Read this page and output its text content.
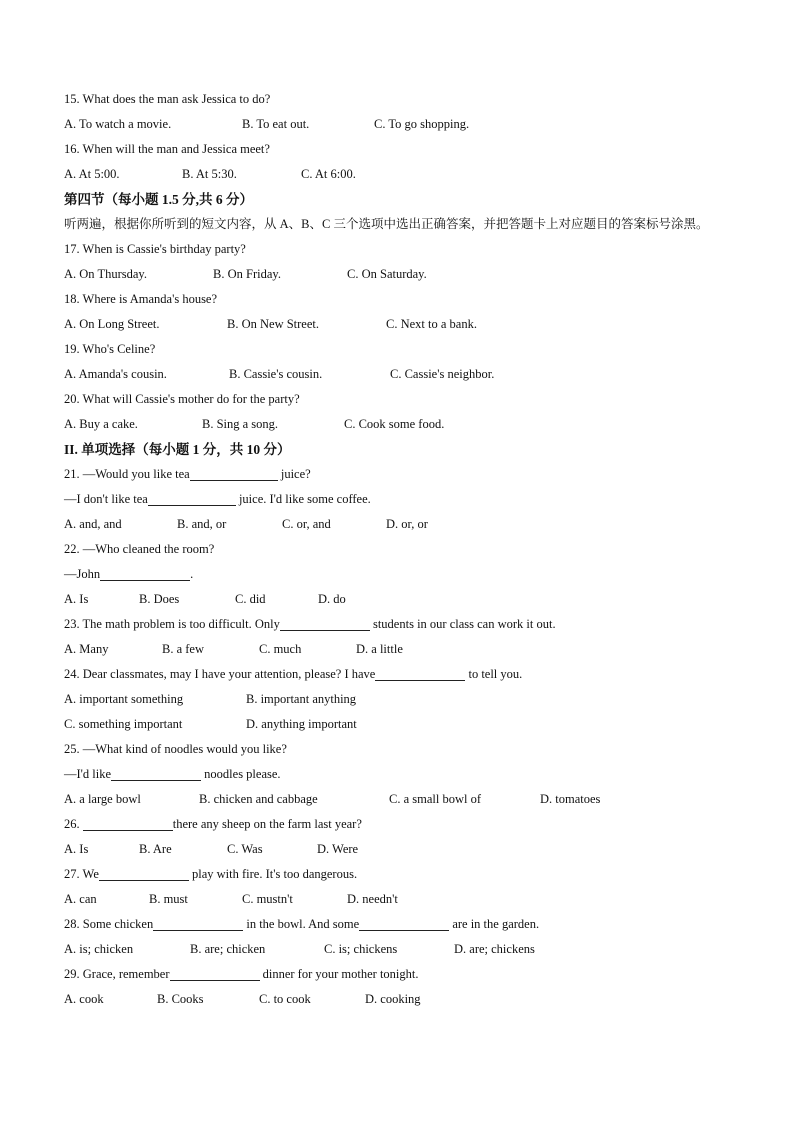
15. What does the man ask Jessica to do?
A. To watch a movie.	B. To eat out.	C. To go shopping.
16. When will the man and Jessica meet?
A. At 5:00.	B. At 5:30.	C. At 6:00.
第四节（每小题 1.5 分,共 6 分）
听两遍，根据你所听到的短文内容，从 A、B、C 三个选项中选出正确答案，并把答题卡上对应题目的答案标号涂黑。
17. When is Cassie's birthday party?
A. On Thursday.	B. On Friday.	C. On Saturday.
18. Where is Amanda's house?
A. On Long Street.	B. On New Street.	C. Next to a bank.
19. Who's Celine?
A. Amanda's cousin.	B. Cassie's cousin.	C. Cassie's neighbor.
20. What will Cassie's mother do for the party?
A. Buy a cake.	B. Sing a song.	C. Cook some food.
II. 单项选择（每小题 1 分，共 10 分）
21. —Would you like tea	juice?
—I don't like tea	juice. I'd like some coffee.
A. and, and	B. and, or	C. or, and	D. or, or
22. —Who cleaned the room?
—John	.
A. Is	B. Does	C. did	D. do
23. The math problem is too difficult. Only	students in our class can work it out.
A. Many	B. a few	C. much	D. a little
24. Dear classmates, may I have your attention, please? I have	to tell you.
A. important something	B. important anything
C. something important	D. anything important
25. —What kind of noodles would you like?
—I'd like	noodles please.
A. a large bowl	B. chicken and cabbage	C. a small bowl of	D. tomatoes
26.	there any sheep on the farm last year?
A. Is	B. Are	C. Was	D. Were
27. We	play with fire. It's too dangerous.
A. can	B. must	C. mustn't	D. needn't
28. Some chicken	in the bowl. And some	are in the garden.
A. is; chicken	B. are; chicken	C. is; chickens	D. are; chickens
29. Grace, remember	dinner for your mother tonight.
A. cook	B. Cooks	C. to cook	D. cooking
